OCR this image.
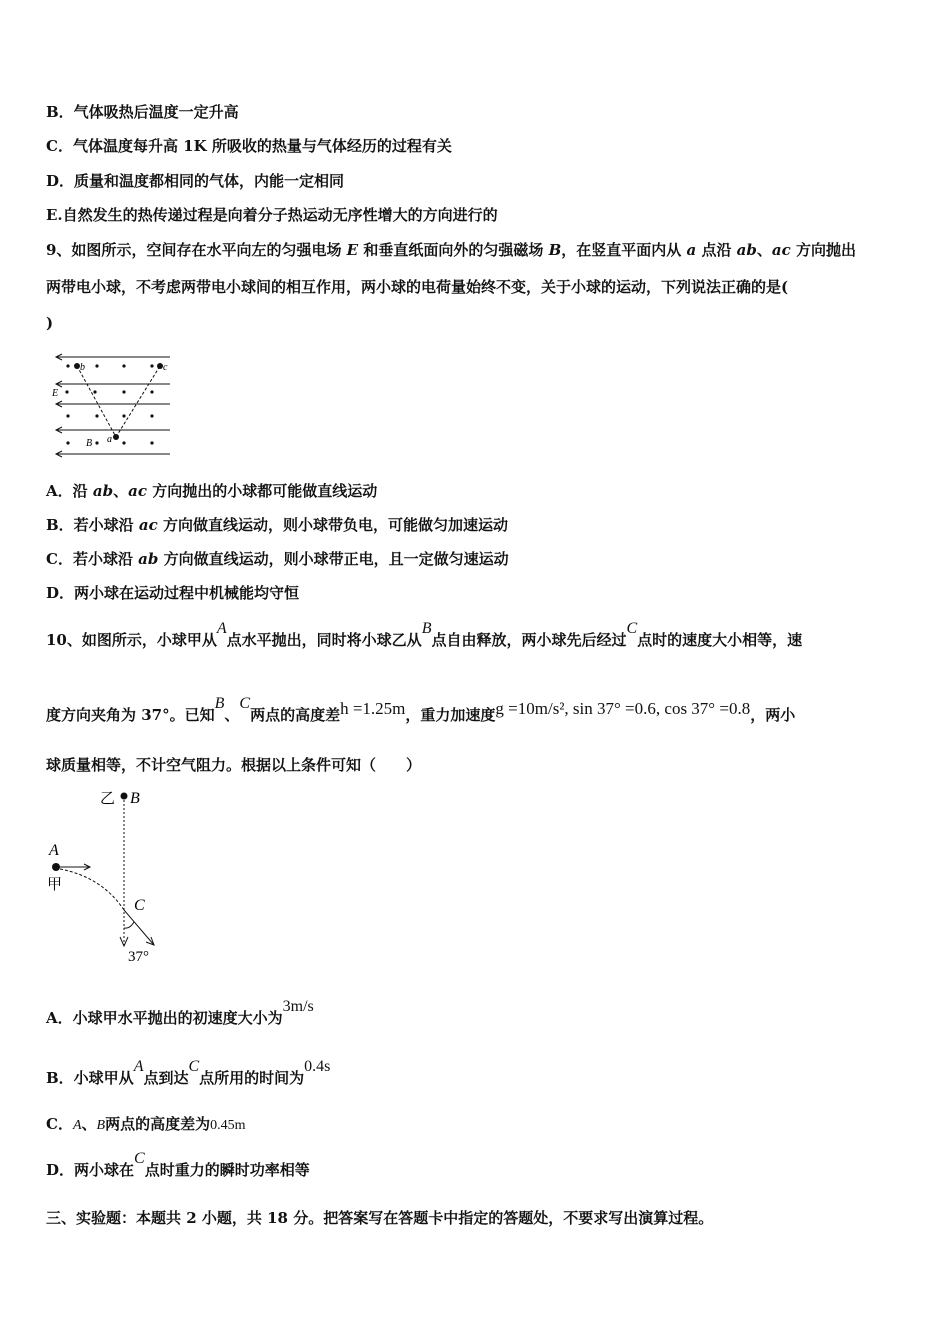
B．气体吸热后温度一定升高
C．气体温度每升高 1K 所吸收的热量与气体经历的过程有关
D．质量和温度都相同的气体，内能一定相同
E.自然发生的热传递过程是向着分子热运动无序性增大的方向进行的
9、如图所示，空间存在水平向左的匀强电场 E 和垂直纸面向外的匀强磁场 B，在竖直平面内从 a 点沿 ab、ac 方向抛出
两带电小球，不考虑两带电小球间的相互作用，两小球的电荷量始终不变，关于小球的运动，下列说法正确的是(
)
b	c
E
B a
A．沿 ab、ac 方向抛出的小球都可能做直线运动
B．若小球沿 ac 方向做直线运动，则小球带负电，可能做匀加速运动
C．若小球沿 ab 方向做直线运动，则小球带正电，且一定做匀速运动
D．两小球在运动过程中机械能均守恒
10、如图所示，小球甲从A点水平抛出，同时将小球乙从B点自由释放，两小球先后经过C点时的速度大小相等，速
度方向夹角为 37°。已知B、C两点的高度差h =1.25m，重力加速度g =10m/s², sin 37° =0.6, cos 37° =0.8，两小
球质量相等，不计空气阻力。根据以上条件可知（　　）
乙 B
A
甲
C
37°
A．小球甲水平抛出的初速度大小为3m/s
B．小球甲从A点到达C点所用的时间为0.4s
C．A、B两点的高度差为0.45m
D．两小球在C点时重力的瞬时功率相等
三、实验题：本题共 2 小题，共 18 分。把答案写在答题卡中指定的答题处，不要求写出演算过程。
